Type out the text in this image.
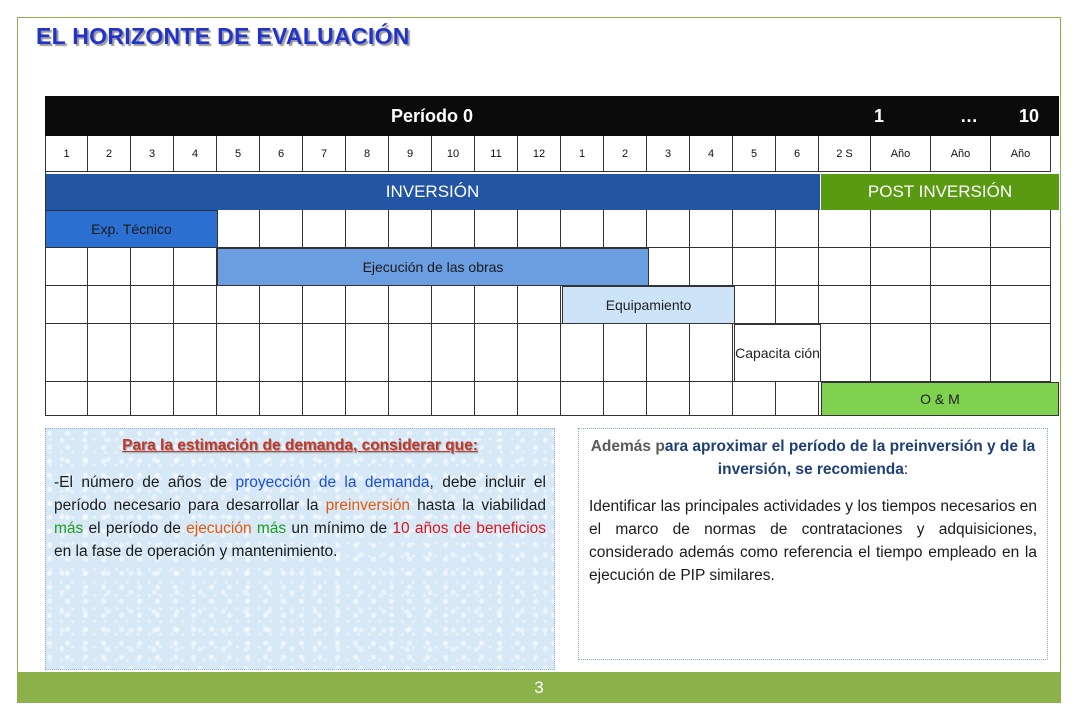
EL HORIZONTE DE EVALUACIÓN
Período 0	1	…	10
1	2	3	4	5	6	7	8	9	10	11	12	1	2	3	4	5	6	2 S	Año	Año	Año
INVERSIÓN	POST INVERSIÓN
Exp. Técnico
Ejecución de las obras
Equipamiento
Capacita ción
O & M
Para la estimación de demanda, considerar que:
-El número de años de proyección de la demanda, debe incluir el período necesario para desarrollar la preinversión hasta la viabilidad más el período de ejecución más un mínimo de 10 años de beneficios en la fase de operación y mantenimiento.
Además para aproximar el período de la preinversión y de la inversión, se recomienda:
Identificar las principales actividades y los tiempos necesarios en el marco de normas de contrataciones y adquisiciones, considerado además como referencia el tiempo empleado en la ejecución de PIP similares.
3
